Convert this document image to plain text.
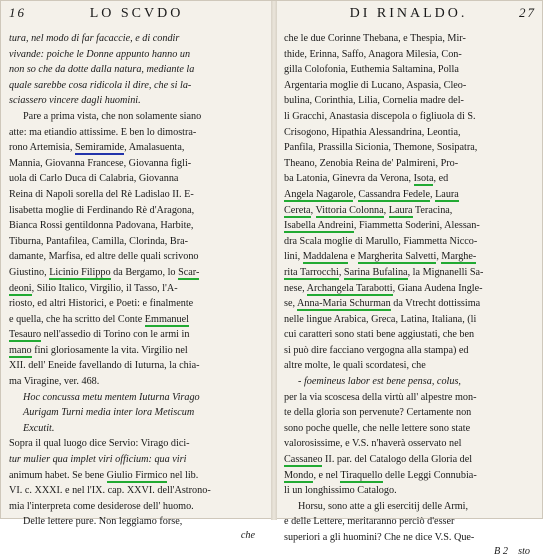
16	LO SCVDO
tura, nel modo di far facaccie, e di condir
vivande: poiche le Donne appunto hanno un
non so che da dotte dalla natura, mediante la
quale sarebbe cosa ridicola il dire, che si la-
sciassero vincere dagli huomini.
Pare a prima vista, che non solamente siano
atte: ma etiandio attissime. E ben lo dimostra-
rono Artemisia, Semiramide, Amalasuenta,
Mannia, Giovanna Francese, Giovanna figli-
uola di Carlo Duca di Calabria, Giovanna
Reina di Napoli sorella del Rè Ladislao II. E-
lisabetta moglie di Ferdinando Rè d'Aragona,
Bianca Rossi gentildonna Padovana, Harbite,
Tiburna, Pantafilea, Camilla, Clorinda, Bra-
damante, Marfisa, ed altre delle quali scrivono
Giustino, Licinio Filippo da Bergamo, lo Scar-
deoni, Silio Italico, Virgilio, il Tasso, l'A-
riosto, ed altri Historici, e Poeti: e finalmente
e quella, che ha scritto del Conte Emmanuel
Tesauro nell'assedio di Torino con le armi in
mano fini gloriosamente la vita. Virgilio nel
XII. dell' Eneide favellando di Iuturna, la chia-
ma Viragine, ver. 468.
Hoc concussa metu mentem Iuturna Virago
Aurigam Turni media inter lora Metiscum
Excutit.
Sopra il qual luogo dice Servio: Virago dici-
tur mulier qua implet viri officium: qua viri
animum habet. Se bene Giulio Firmico nel lib.
VI. c. XXXI. e nel l'IX. cap. XXVI. dell'Astrono-
mia l'interpreta come desiderose dell' huomo.
Delle lettere pure. Non leggiamo forse,
che
DI RINALDO.	27
che le due Corinne Thebana, e Thespia, Mir-
thide, Erinna, Saffo, Anagora Milesia, Con-
gilla Colofonia, Euthemia Saltamina, Polla
Argentaria moglie di Lucano, Aspasia, Cleo-
bulina, Corinthia, Lilia, Cornelia madre del-
li Gracchi, Anastasia discepola o figliuola di S.
Crisogono, Hipathia Alessandrina, Leontia,
Panfila, Prassilla Sicionia, Themone, Sosipatra,
Theano, Zenobia Reina de' Palmireni, Pro-
ba Latonia, Ginevra da Verona, Isota, ed
Angela Nagarole, Cassandra Fedele, Laura
Cereta, Vittoria Colonna, Laura Teracina,
Isabella Andreini, Fiammetta Soderini, Alessan-
dra Scala moglie di Marullo, Fiammetta Nicco-
lini, Maddalena e Margherita Salvetti, Marghe-
rita Tarrocchi, Sarina Bufalina, la Mignanelli Sa-
nese, Archangela Tarabotti, Giana Audena Ingle-
se, Anna-Maria Schurman da Vtrecht dottissima
nelle lingue Arabica, Greca, Latina, Italiana, (li
cui caratteri sono stati bene aggiustati, che ben
si può dire facciano vergogna alla stampa) ed
altre molte, le quali scordatesi, che
- foemineus labor est bene pensa, colus,
per la via scoscesa della virtù all' alpestre mon-
te della gloria son pervenute? Certamente non
sono poche quelle, che nelle lettere sono state
valorosissime, e V.S. n'haverà osservato nel
Cassaneo II. par. del Catalogo della Gloria del
Mondo, e nel Tiraquello delle Leggi Connubia-
li un longhissimo Catalogo.
Horsu, sono atte a gli esercitij delle Armi,
e delle Lettere, meritaranno perciò d'esser
superiori a gli huomini? Che ne dice V.S. Que-
B 2 sto
